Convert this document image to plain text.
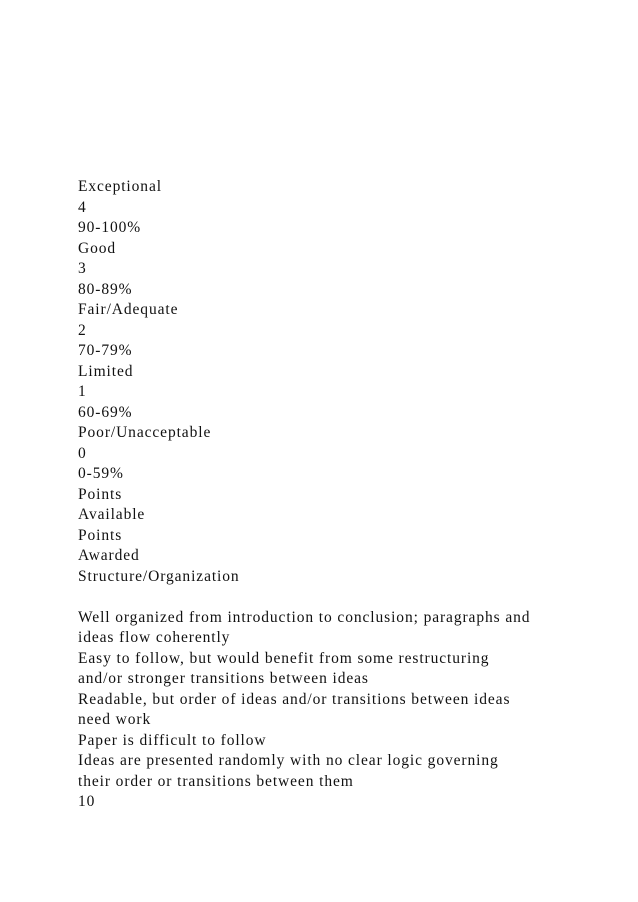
Exceptional
4
90-100%
Good
3
80-89%
Fair/Adequate
2
70-79%
Limited
1
60-69%
Poor/Unacceptable
0
0-59%
Points
Available
Points
Awarded
Structure/Organization
Well organized from introduction to conclusion; paragraphs and
ideas flow coherently
Easy to follow, but would benefit from some restructuring
and/or stronger transitions between ideas
Readable, but order of ideas and/or transitions between ideas
need work
Paper is difficult to follow
Ideas are presented randomly with no clear logic governing
their order or transitions between them
10
